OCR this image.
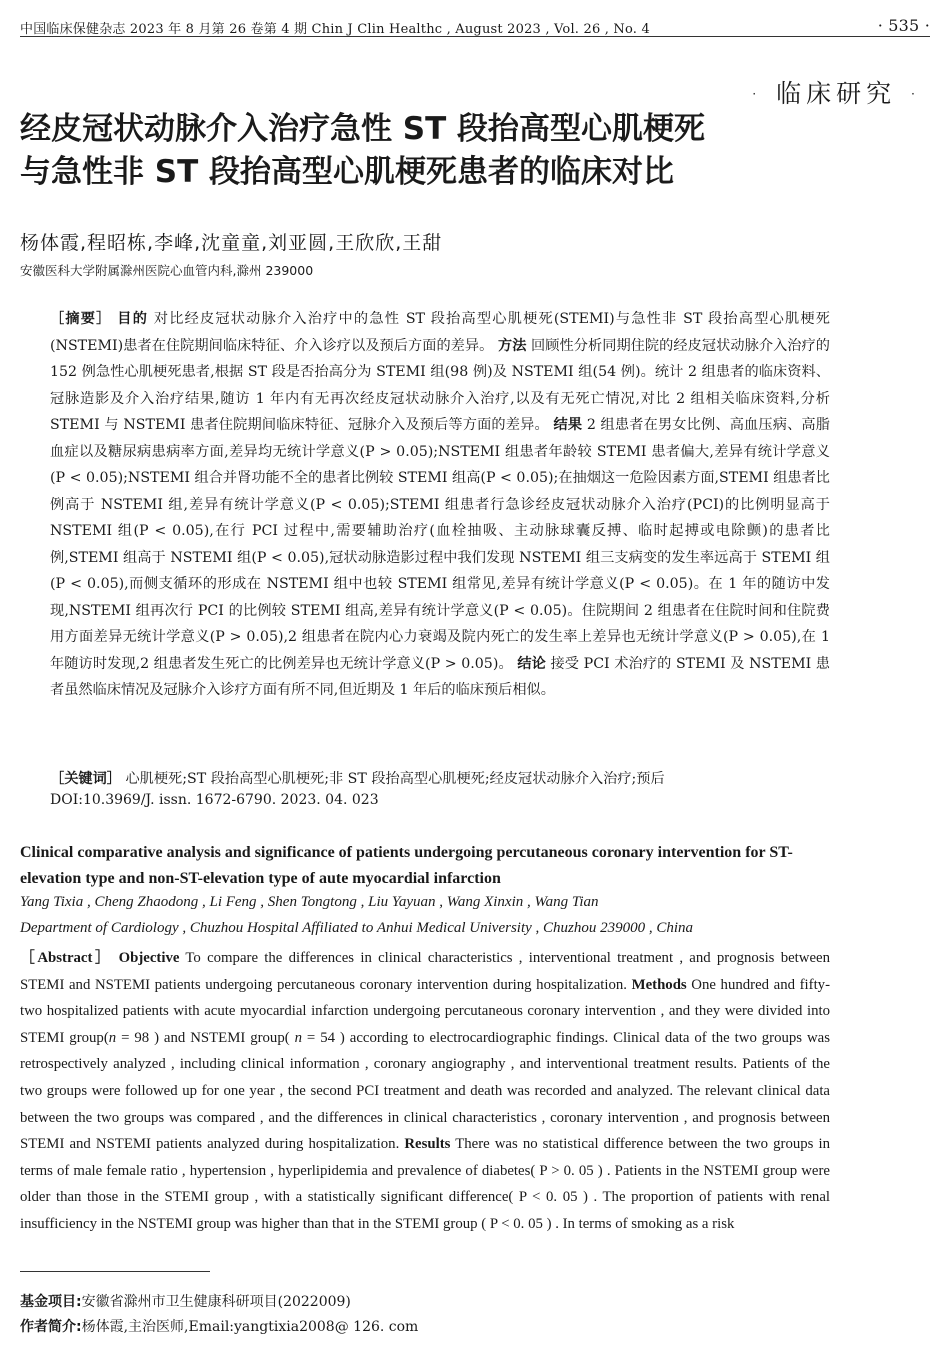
中国临床保健杂志 2023 年 8 月第 26 卷第 4 期 Chin J Clin Healthc , August 2023 , Vol. 26 , No. 4	· 535 ·
· 临床研究 ·
经皮冠状动脉介入治疗急性 ST 段抬高型心肌梗死
与急性非 ST 段抬高型心肌梗死患者的临床对比
杨体霞,程昭栋,李峰,沈童童,刘亚圆,王欣欣,王甜
安徽医科大学附属滁州医院心血管内科,滁州 239000
［摘要］ 目的 对比经皮冠状动脉介入治疗中的急性 ST 段抬高型心肌梗死(STEMI)与急性非 ST 段抬高型心肌梗死(NSTEMI)患者在住院期间临床特征、介入诊疗以及预后方面的差异。 方法 回顾性分析同期住院的经皮冠状动脉介入治疗的 152 例急性心肌梗死患者,根据 ST 段是否抬高分为 STEMI 组(98 例)及 NSTEMI 组(54 例)。统计 2 组患者的临床资料、冠脉造影及介入治疗结果,随访 1 年内有无再次经皮冠状动脉介入治疗,以及有无死亡情况,对比 2 组相关临床资料,分析 STEMI 与 NSTEMI 患者住院期间临床特征、冠脉介入及预后等方面的差异。 结果 2 组患者在男女比例、高血压病、高脂血症以及糖尿病患病率方面,差异均无统计学意义(P > 0.05);NSTEMI 组患者年龄较 STEMI 患者偏大,差异有统计学意义(P < 0.05);NSTEMI 组合并肾功能不全的患者比例较 STEMI 组高(P < 0.05);在抽烟这一危险因素方面,STEMI 组患者比例高于 NSTEMI 组,差异有统计学意义(P < 0.05);STEMI 组患者行急诊经皮冠状动脉介入治疗(PCI)的比例明显高于 NSTEMI 组(P < 0.05),在行 PCI 过程中,需要辅助治疗(血栓抽吸、主动脉球囊反搏、临时起搏或电除颤)的患者比例,STEMI 组高于 NSTEMI 组(P < 0.05),冠状动脉造影过程中我们发现 NSTEMI 组三支病变的发生率远高于 STEMI 组(P < 0.05),而侧支循环的形成在 NSTEMI 组中也较 STEMI 组常见,差异有统计学意义(P < 0.05)。在 1 年的随访中发现,NSTEMI 组再次行 PCI 的比例较 STEMI 组高,差异有统计学意义(P < 0.05)。住院期间 2 组患者在住院时间和住院费用方面差异无统计学意义(P > 0.05),2 组患者在院内心力衰竭及院内死亡的发生率上差异也无统计学意义(P > 0.05),在 1 年随访时发现,2 组患者发生死亡的比例差异也无统计学意义(P > 0.05)。 结论 接受 PCI 术治疗的 STEMI 及 NSTEMI 患者虽然临床情况及冠脉介入诊疗方面有所不同,但近期及 1 年后的临床预后相似。
［关键词］ 心肌梗死;ST 段抬高型心肌梗死;非 ST 段抬高型心肌梗死;经皮冠状动脉介入治疗;预后
DOI:10.3969/J. issn. 1672-6790. 2023. 04. 023
Clinical comparative analysis and significance of patients undergoing percutaneous coronary intervention for ST-elevation type and non-ST-elevation type of aute myocardial infarction
Yang Tixia , Cheng Zhaodong , Li Feng , Shen Tongtong , Liu Yayuan , Wang Xinxin , Wang Tian
Department of Cardiology , Chuzhou Hospital Affiliated to Anhui Medical University , Chuzhou 239000 , China
［Abstract］ Objective To compare the differences in clinical characteristics , interventional treatment , and prognosis between STEMI and NSTEMI patients undergoing percutaneous coronary intervention during hospitalization. Methods One hundred and fifty-two hospitalized patients with acute myocardial infarction undergoing percutaneous coronary intervention , and they were divided into STEMI group(n = 98 ) and NSTEMI group( n = 54 ) according to electrocardiographic findings. Clinical data of the two groups was retrospectively analyzed , including clinical information , coronary angiography , and interventional treatment results. Patients of the two groups were followed up for one year , the second PCI treatment and death was recorded and analyzed. The relevant clinical data between the two groups was compared , and the differences in clinical characteristics , coronary intervention , and prognosis between STEMI and NSTEMI patients analyzed during hospitalization. Results There was no statistical difference between the two groups in terms of male female ratio , hypertension , hyperlipidemia and prevalence of diabetes( P > 0. 05 ) . Patients in the NSTEMI group were older than those in the STEMI group , with a statistically significant difference( P < 0. 05 ) . The proportion of patients with renal insufficiency in the NSTEMI group was higher than that in the STEMI group ( P < 0. 05 ) . In terms of smoking as a risk
基金项目:安徽省滁州市卫生健康科研项目(2022009)
作者简介:杨体霞,主治医师,Email:yangtixia2008@ 126. com
